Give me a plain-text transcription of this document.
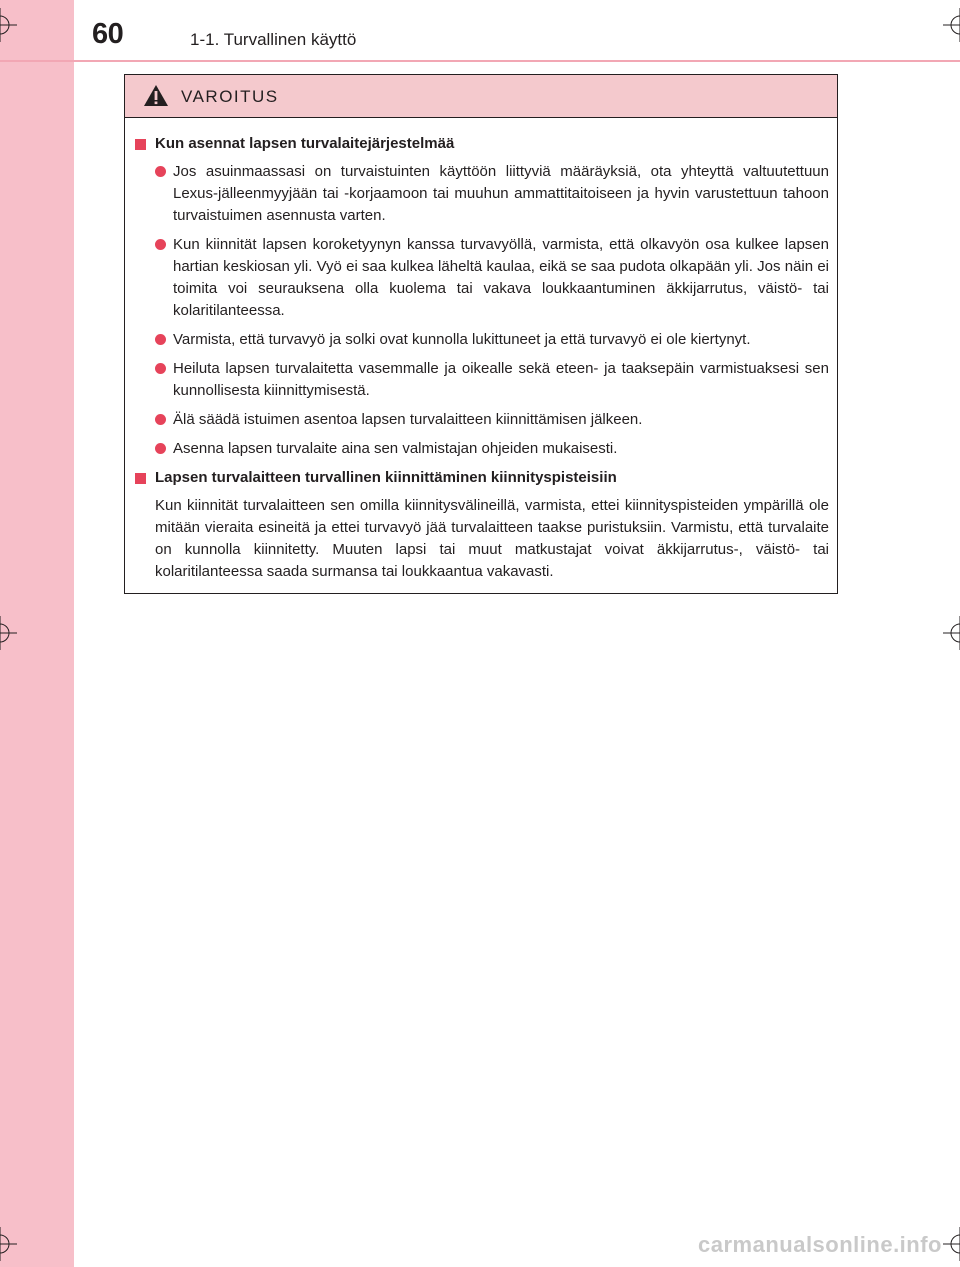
60	1-1. Turvallinen käyttö
VAROITUS
Kun asennat lapsen turvalaitejärjestelmää
Jos asuinmaassasi on turvaistuinten käyttöön liittyviä määräyksiä, ota yhteyttä valtuutettuun Lexus-jälleenmyyjään tai -korjaamoon tai muuhun ammattitaitoiseen ja hyvin varustettuun tahoon turvaistuimen asennusta varten.
Kun kiinnität lapsen koroketyynyn kanssa turvavyöllä, varmista, että olkavyön osa kulkee lapsen hartian keskiosan yli. Vyö ei saa kulkea läheltä kaulaa, eikä se saa pudota olkapään yli. Jos näin ei toimita voi seurauksena olla kuolema tai vakava loukkaantuminen äkkijarrutus, väistö- tai kolaritilanteessa.
Varmista, että turvavyö ja solki ovat kunnolla lukittuneet ja että turvavyö ei ole kiertynyt.
Heiluta lapsen turvalaitetta vasemmalle ja oikealle sekä eteen- ja taaksepäin varmistuaksesi sen kunnollisesta kiinnittymisestä.
Älä säädä istuimen asentoa lapsen turvalaitteen kiinnittämisen jälkeen.
Asenna lapsen turvalaite aina sen valmistajan ohjeiden mukaisesti.
Lapsen turvalaitteen turvallinen kiinnittäminen kiinnityspisteisiin
Kun kiinnität turvalaitteen sen omilla kiinnitysvälineillä, varmista, ettei kiinnityspisteiden ympärillä ole mitään vieraita esineitä ja ettei turvavyö jää turvalaitteen taakse puristuksiin. Varmistu, että turvalaite on kunnolla kiinnitetty. Muuten lapsi tai muut matkustajat voivat äkkijarrutus-, väistö- tai kolaritilanteessa saada surmansa tai loukkaantua vakavasti.
carmanualsonline.info
